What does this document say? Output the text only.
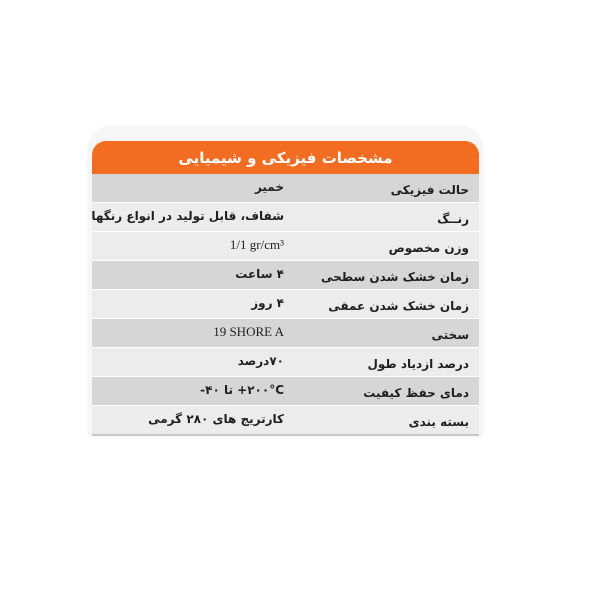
مشخصات فیزیکی و شیمیایی
حالت فیزیکی
خمیر
رنــگ
شفاف، قابل تولید در انواع رنگها
وزن مخصوص
1/1 gr/cm³
زمان خشک شدن سطحی
۴ ساعت
زمان خشک شدن عمقی
۴ روز
سختی
19 SHORE A
درصد ازدیاد طول
۷۰درصد
دمای حفظ کیفیت
۲۰۰°C+ تا ۴۰-
بسته بندی
کارتریج های ۲۸۰ گرمی
